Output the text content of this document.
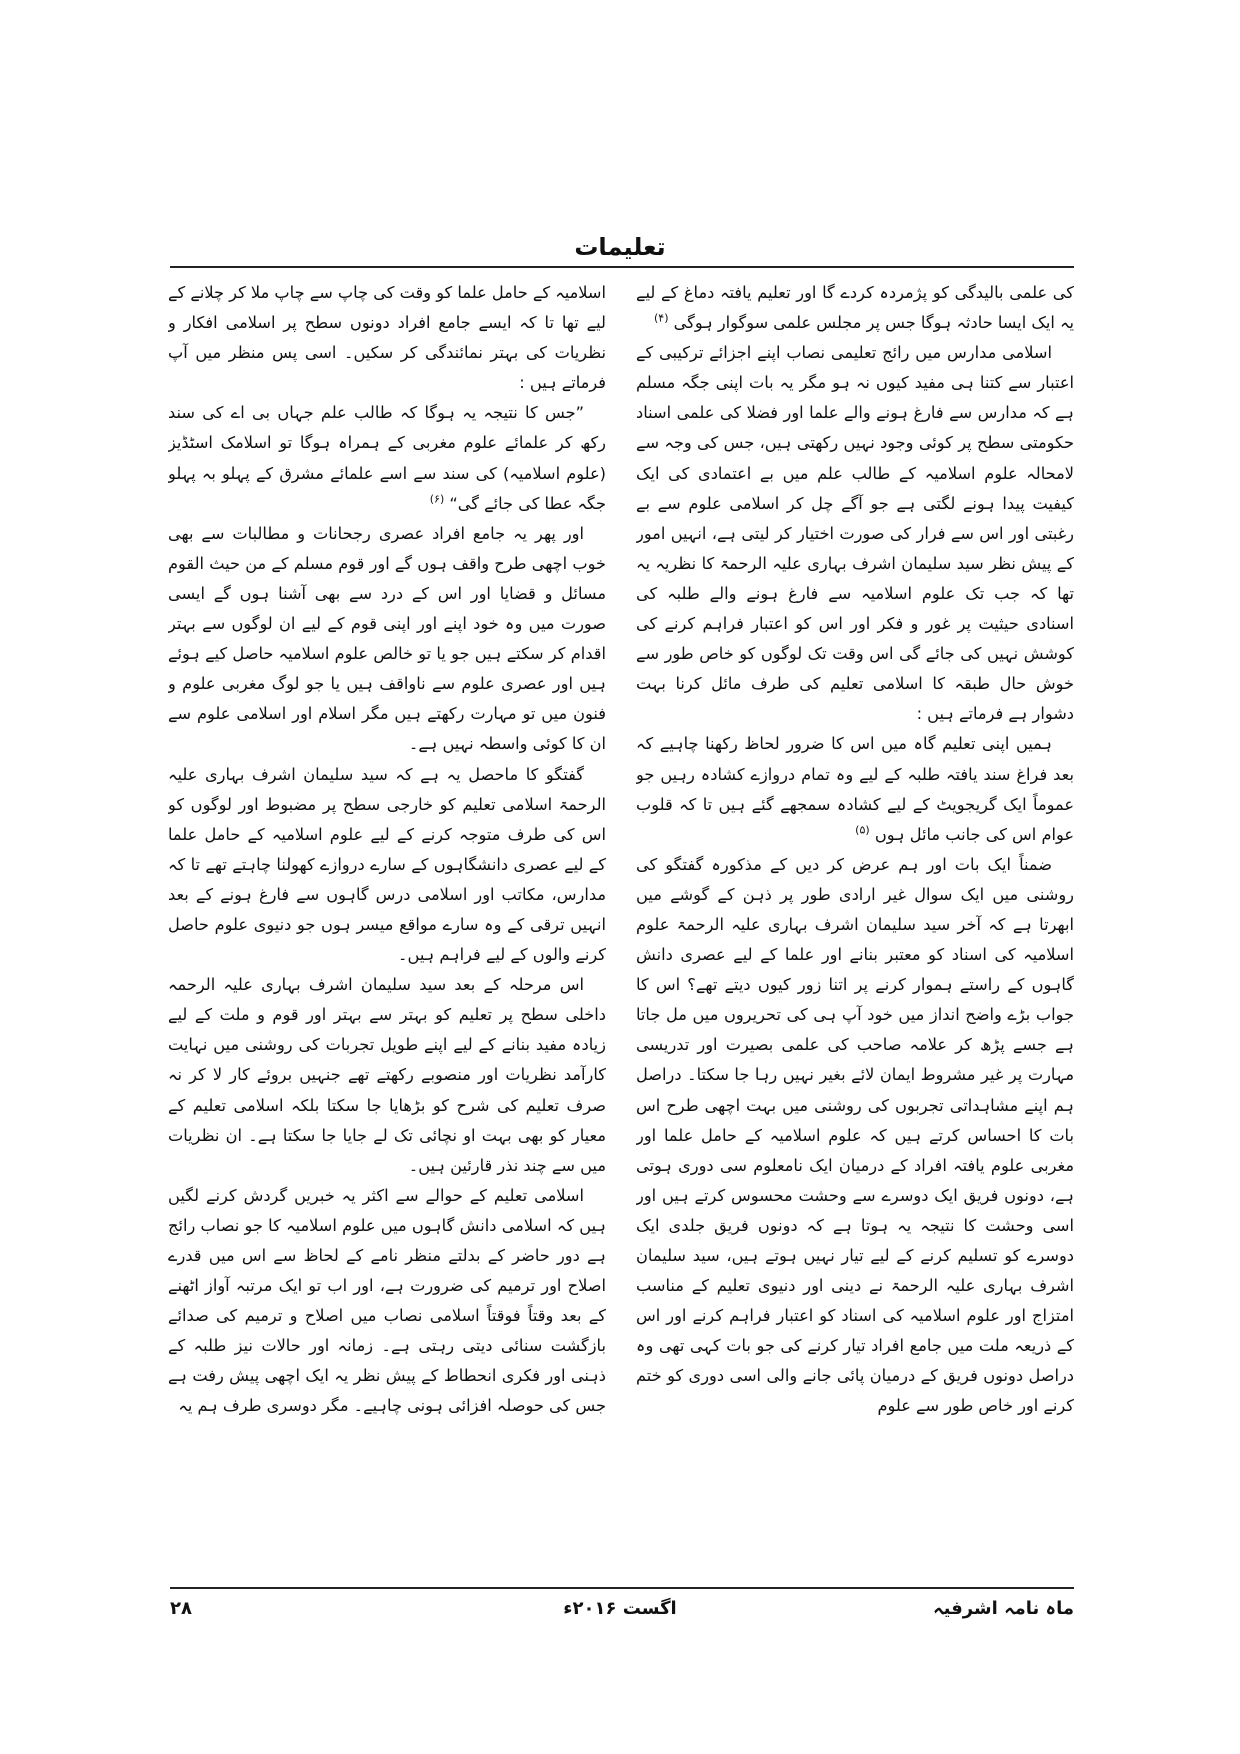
تعلیمات

کی علمی بالیدگی کو پژمردہ کردے گا اور تعلیم یافتہ دماغ کے لیے یہ ایک ایسا حادثہ ہوگا جس پر مجلس علمی سوگوار ہوگی $^{(۴)}$

اسلامی مدارس میں رائج تعلیمی نصاب اپنے اجزائے ترکیبی کے اعتبار سے کتنا ہی مفید کیوں نہ ہو مگر یہ بات اپنی جگہ مسلم ہے کہ مدارس سے فارغ ہونے والے علما اور فضلا کی علمی اسناد حکومتی سطح پر کوئی وجود نہیں رکھتی ہیں، جس کی وجہ سے لامحالہ علوم اسلامیہ کے طالب علم میں بے اعتمادی کی ایک کیفیت پیدا ہونے لگتی ہے جو آگے چل کر اسلامی علوم سے بے رغبتی اور اس سے فرار کی صورت اختیار کر لیتی ہے، انہیں امور کے پیش نظر سید سلیمان اشرف بہاری علیہ الرحمۃ کا نظریہ یہ تھا کہ جب تک علوم اسلامیہ سے فارغ ہونے والے طلبہ کی اسنادی حیثیت پر غور و فکر اور اس کو اعتبار فراہم کرنے کی کوشش نہیں کی جائے گی اس وقت تک لوگوں کو خاص طور سے خوش حال طبقہ کا اسلامی تعلیم کی طرف مائل کرنا بہت دشوار ہے فرماتے ہیں :

ہمیں اپنی تعلیم گاہ میں اس کا ضرور لحاظ رکھنا چاہیے کہ بعد فراغ سند یافتہ طلبہ کے لیے وہ تمام دروازے کشادہ رہیں جو عموماً ایک گریجویٹ کے لیے کشادہ سمجھے گئے ہیں تا کہ قلوب عوام اس کی جانب مائل ہوں $^{(۵)}$

ضمناً ایک بات اور ہم عرض کر دیں کے مذکورہ گفتگو کی روشنی میں ایک سوال غیر ارادی طور پر ذہن کے گوشے میں ابھرتا ہے کہ آخر سید سلیمان اشرف بہاری علیہ الرحمۃ علوم اسلامیہ کی اسناد کو معتبر بنانے اور علما کے لیے عصری دانش گاہوں کے راستے ہموار کرنے پر اتنا زور کیوں دیتے تھے؟ اس کا جواب بڑے واضح انداز میں خود آپ ہی کی تحریروں میں مل جاتا ہے جسے پڑھ کر علامہ صاحب کی علمی بصیرت اور تدریسی مہارت پر غیر مشروط ایمان لائے بغیر نہیں رہا جا سکتا۔ دراصل ہم اپنے مشاہداتی تجربوں کی روشنی میں بہت اچھی طرح اس بات کا احساس کرتے ہیں کہ علوم اسلامیہ کے حامل علما اور مغربی علوم یافتہ افراد کے درمیان ایک نامعلوم سی دوری ہوتی ہے، دونوں فریق ایک دوسرے سے وحشت محسوس کرتے ہیں اور اسی وحشت کا نتیجہ یہ ہوتا ہے کہ دونوں فریق جلدی ایک دوسرے کو تسلیم کرنے کے لیے تیار نہیں ہوتے ہیں، سید سلیمان اشرف بہاری علیہ الرحمۃ نے دینی اور دنیوی تعلیم کے مناسب امتزاج اور علوم اسلامیہ کی اسناد کو اعتبار فراہم کرنے اور اس کے ذریعہ ملت میں جامع افراد تیار کرنے کی جو بات کہی تھی وہ دراصل دونوں فریق کے درمیان پائی جانے والی اسی دوری کو ختم کرنے اور خاص طور سے علوم

اسلامیہ کے حامل علما کو وقت کی چاپ سے چاپ ملا کر چلانے کے لیے تھا تا کہ ایسے جامع افراد دونوں سطح پر اسلامی افکار و نظریات کی بہتر نمائندگی کر سکیں۔ اسی پس منظر میں آپ فرماتے ہیں :

”جس کا نتیجہ یہ ہوگا کہ طالب علم جہاں بی اے کی سند رکھ کر علمائے علوم مغربی کے ہمراہ ہوگا تو اسلامک اسٹڈیز (علوم اسلامیہ) کی سند سے اسے علمائے مشرق کے پہلو بہ پہلو جگہ عطا کی جائے گی“ $^{(۶)}$

اور پھر یہ جامع افراد عصری رجحانات و مطالبات سے بھی خوب اچھی طرح واقف ہوں گے اور قوم مسلم کے من حیث القوم مسائل و قضایا اور اس کے درد سے بھی آشنا ہوں گے ایسی صورت میں وہ خود اپنے اور اپنی قوم کے لیے ان لوگوں سے بہتر اقدام کر سکتے ہیں جو یا تو خالص علوم اسلامیہ حاصل کیے ہوئے ہیں اور عصری علوم سے ناواقف ہیں یا جو لوگ مغربی علوم و فنون میں تو مہارت رکھتے ہیں مگر اسلام اور اسلامی علوم سے ان کا کوئی واسطہ نہیں ہے۔

گفتگو کا ماحصل یہ ہے کہ سید سلیمان اشرف بہاری علیہ الرحمۃ اسلامی تعلیم کو خارجی سطح پر مضبوط اور لوگوں کو اس کی طرف متوجہ کرنے کے لیے علوم اسلامیہ کے حامل علما کے لیے عصری دانشگاہوں کے سارے دروازے کھولنا چاہتے تھے تا کہ مدارس، مکاتب اور اسلامی درس گاہوں سے فارغ ہونے کے بعد انہیں ترقی کے وہ سارے مواقع میسر ہوں جو دنیوی علوم حاصل کرنے والوں کے لیے فراہم ہیں۔

اس مرحلہ کے بعد سید سلیمان اشرف بہاری علیہ الرحمہ داخلی سطح پر تعلیم کو بہتر سے بہتر اور قوم و ملت کے لیے زیادہ مفید بنانے کے لیے اپنے طویل تجربات کی روشنی میں نہایت کارآمد نظریات اور منصوبے رکھتے تھے جنہیں بروئے کار لا کر نہ صرف تعلیم کی شرح کو بڑھایا جا سکتا بلکہ اسلامی تعلیم کے معیار کو بھی بہت او نچائی تک لے جایا جا سکتا ہے۔ ان نظریات میں سے چند نذر قارئین ہیں۔

اسلامی تعلیم کے حوالے سے اکثر یہ خبریں گردش کرنے لگیں ہیں کہ اسلامی دانش گاہوں میں علوم اسلامیہ کا جو نصاب رائج ہے دور حاضر کے بدلتے منظر نامے کے لحاظ سے اس میں قدرے اصلاح اور ترمیم کی ضرورت ہے، اور اب تو ایک مرتبہ آواز اٹھنے کے بعد وقتاً فوقتاً اسلامی نصاب میں اصلاح و ترمیم کی صدائے بازگشت سنائی دیتی رہتی ہے۔ زمانہ اور حالات نیز طلبہ کے ذہنی اور فکری انحطاط کے پیش نظر یہ ایک اچھی پیش رفت ہے جس کی حوصلہ افزائی ہونی چاہیے۔ مگر دوسری طرف ہم یہ

ماہ نامہ اشرفیہ
اگست ۲۰۱۶ء
۲۸
